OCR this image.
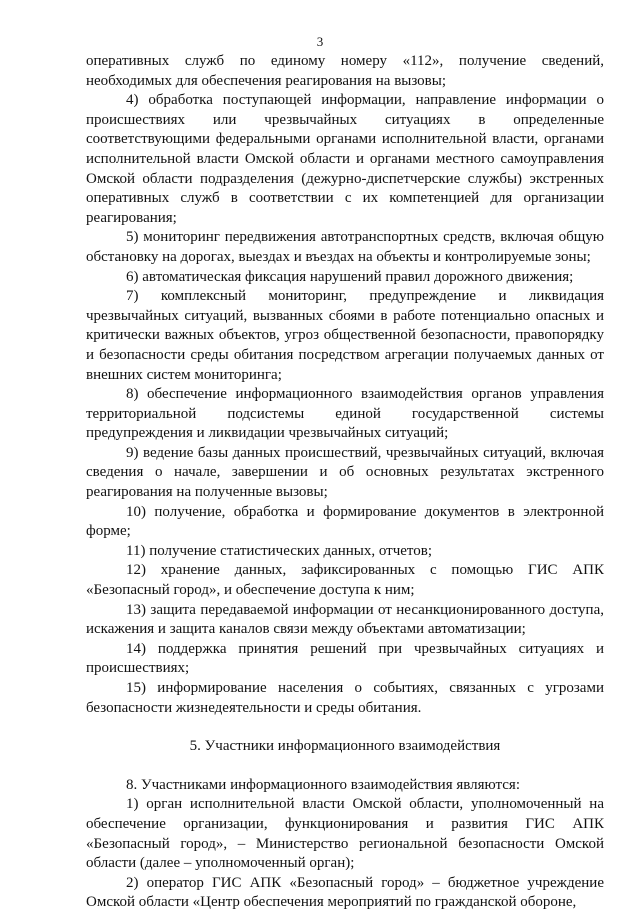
3

оперативных служб по единому номеру «112», получение сведений, необходимых для обеспечения реагирования на вызовы;

4) обработка поступающей информации, направление информации о происшествиях или чрезвычайных ситуациях в определенные соответствующими федеральными органами исполнительной власти, органами исполнительной власти Омской области и органами местного самоуправления Омской области подразделения (дежурно-диспетчерские службы) экстренных оперативных служб в соответствии с их компетенцией для организации реагирования;

5) мониторинг передвижения автотранспортных средств, включая общую обстановку на дорогах, выездах и въездах на объекты и контролируемые зоны;

6) автоматическая фиксация нарушений правил дорожного движения;

7) комплексный мониторинг, предупреждение и ликвидация чрезвычайных ситуаций, вызванных сбоями в работе потенциально опасных и критически важных объектов, угроз общественной безопасности, правопорядку и безопасности среды обитания посредством агрегации получаемых данных от внешних систем мониторинга;

8) обеспечение информационного взаимодействия органов управления территориальной подсистемы единой государственной системы предупреждения и ликвидации чрезвычайных ситуаций;

9) ведение базы данных происшествий, чрезвычайных ситуаций, включая сведения о начале, завершении и об основных результатах экстренного реагирования на полученные вызовы;

10) получение, обработка и формирование документов в электронной форме;

11) получение статистических данных, отчетов;

12) хранение данных, зафиксированных с помощью ГИС АПК «Безопасный город», и обеспечение доступа к ним;

13) защита передаваемой информации от несанкционированного доступа, искажения и защита каналов связи между объектами автоматизации;

14) поддержка принятия решений при чрезвычайных ситуациях и происшествиях;

15) информирование населения о событиях, связанных с угрозами безопасности жизнедеятельности и среды обитания.

5. Участники информационного взаимодействия

8. Участниками информационного взаимодействия являются:

1) орган исполнительной власти Омской области, уполномоченный на обеспечение организации, функционирования и развития ГИС АПК «Безопасный город», – Министерство региональной безопасности Омской области (далее – уполномоченный орган);

2) оператор ГИС АПК «Безопасный город» – бюджетное учреждение Омской области «Центр обеспечения мероприятий по гражданской обороне,
